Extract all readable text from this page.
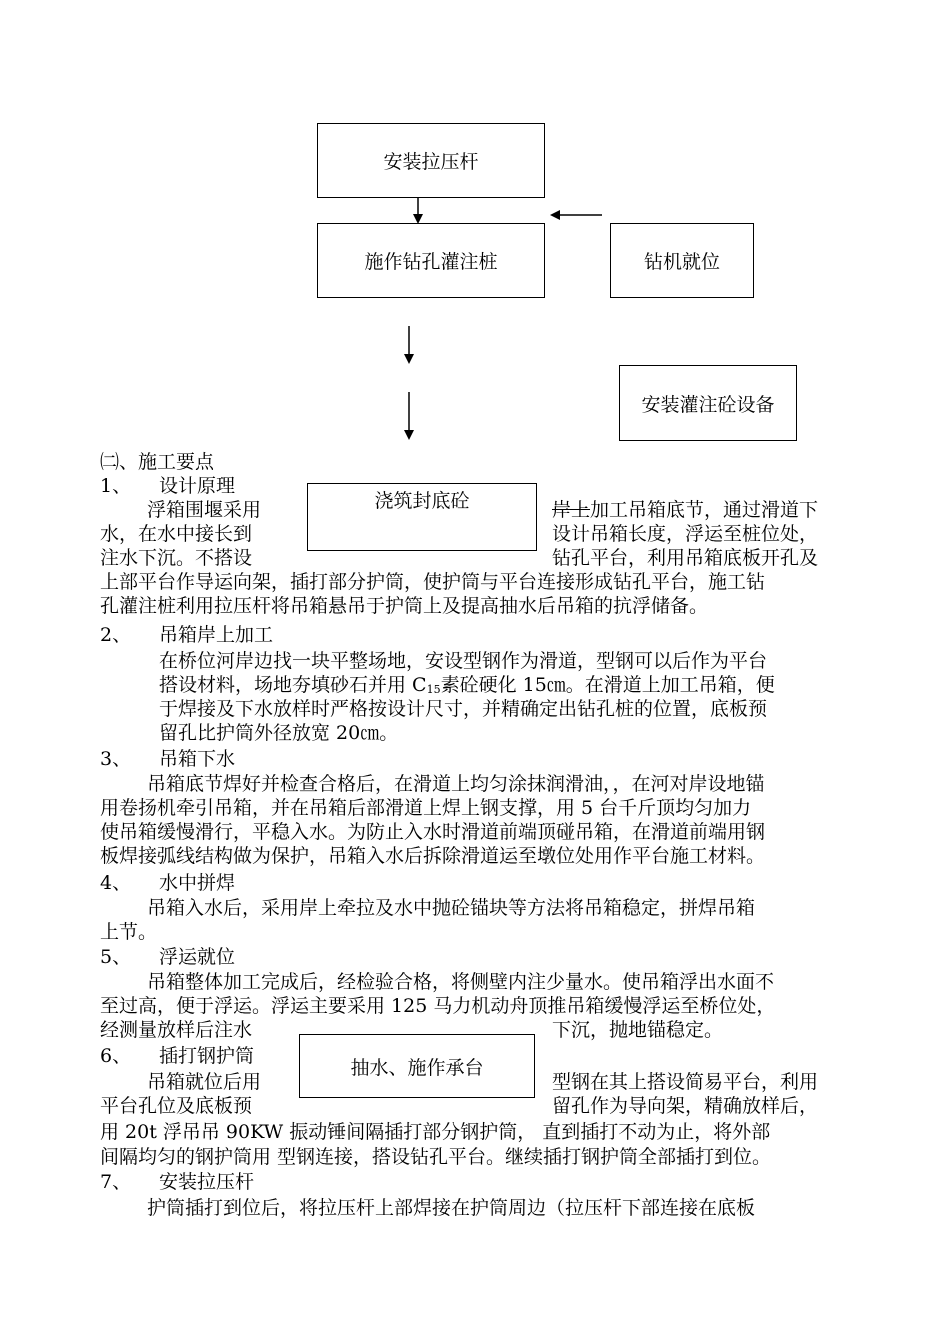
安装拉压杆
施作钻孔灌注桩	钻机就位
安装灌注砼设备
浇筑封底砼
抽水、施作承台
㈡、施工要点
1、 设计原理
浮箱围堰采用	岸上加工吊箱底节，通过滑道下
水，在水中接长到	设计吊箱长度，浮运至桩位处，
注水下沉。不搭设	钻孔平台，利用吊箱底板开孔及
上部平台作导运向架，插打部分护筒，使护筒与平台连接形成钻孔平台，施工钻
孔灌注桩利用拉压杆将吊箱悬吊于护筒上及提高抽水后吊箱的抗浮储备。
2、 吊箱岸上加工
在桥位河岸边找一块平整场地，安设型钢作为滑道，型钢可以后作为平台
搭设材料，场地夯填砂石并用 $C_{15}$素砼硬化 15㎝。在滑道上加工吊箱，便
于焊接及下水放样时严格按设计尺寸，并精确定出钻孔桩的位置，底板预
留孔比护筒外径放宽 20㎝。
3、 吊箱下水
吊箱底节焊好并检查合格后，在滑道上均匀涂抹润滑油，，在河对岸设地锚
用卷扬机牵引吊箱，并在吊箱后部滑道上焊上钢支撑，用 5 台千斤顶均匀加力
使吊箱缓慢滑行，平稳入水。为防止入水时滑道前端顶碰吊箱，在滑道前端用钢
板焊接弧线结构做为保护，吊箱入水后拆除滑道运至墩位处用作平台施工材料。
4、 水中拼焊
吊箱入水后，采用岸上牵拉及水中抛砼锚块等方法将吊箱稳定，拼焊吊箱
上节。
5、 浮运就位
吊箱整体加工完成后，经检验合格，将侧壁内注少量水。使吊箱浮出水面不
至过高，便于浮运。浮运主要采用 125 马力机动舟顶推吊箱缓慢浮运至桥位处，
经测量放样后注水	下沉，抛地锚稳定。
6、 插打钢护筒
吊箱就位后用	型钢在其上搭设简易平台，利用
平台孔位及底板预	留孔作为导向架，精确放样后，
用 20t 浮吊吊 90KW 振动锤间隔插打部分钢护筒， 直到插打不动为止，将外部
间隔均匀的钢护筒用 型钢连接，搭设钻孔平台。继续插打钢护筒全部插打到位。
7、 安装拉压杆
护筒插打到位后，将拉压杆上部焊接在护筒周边（拉压杆下部连接在底板
